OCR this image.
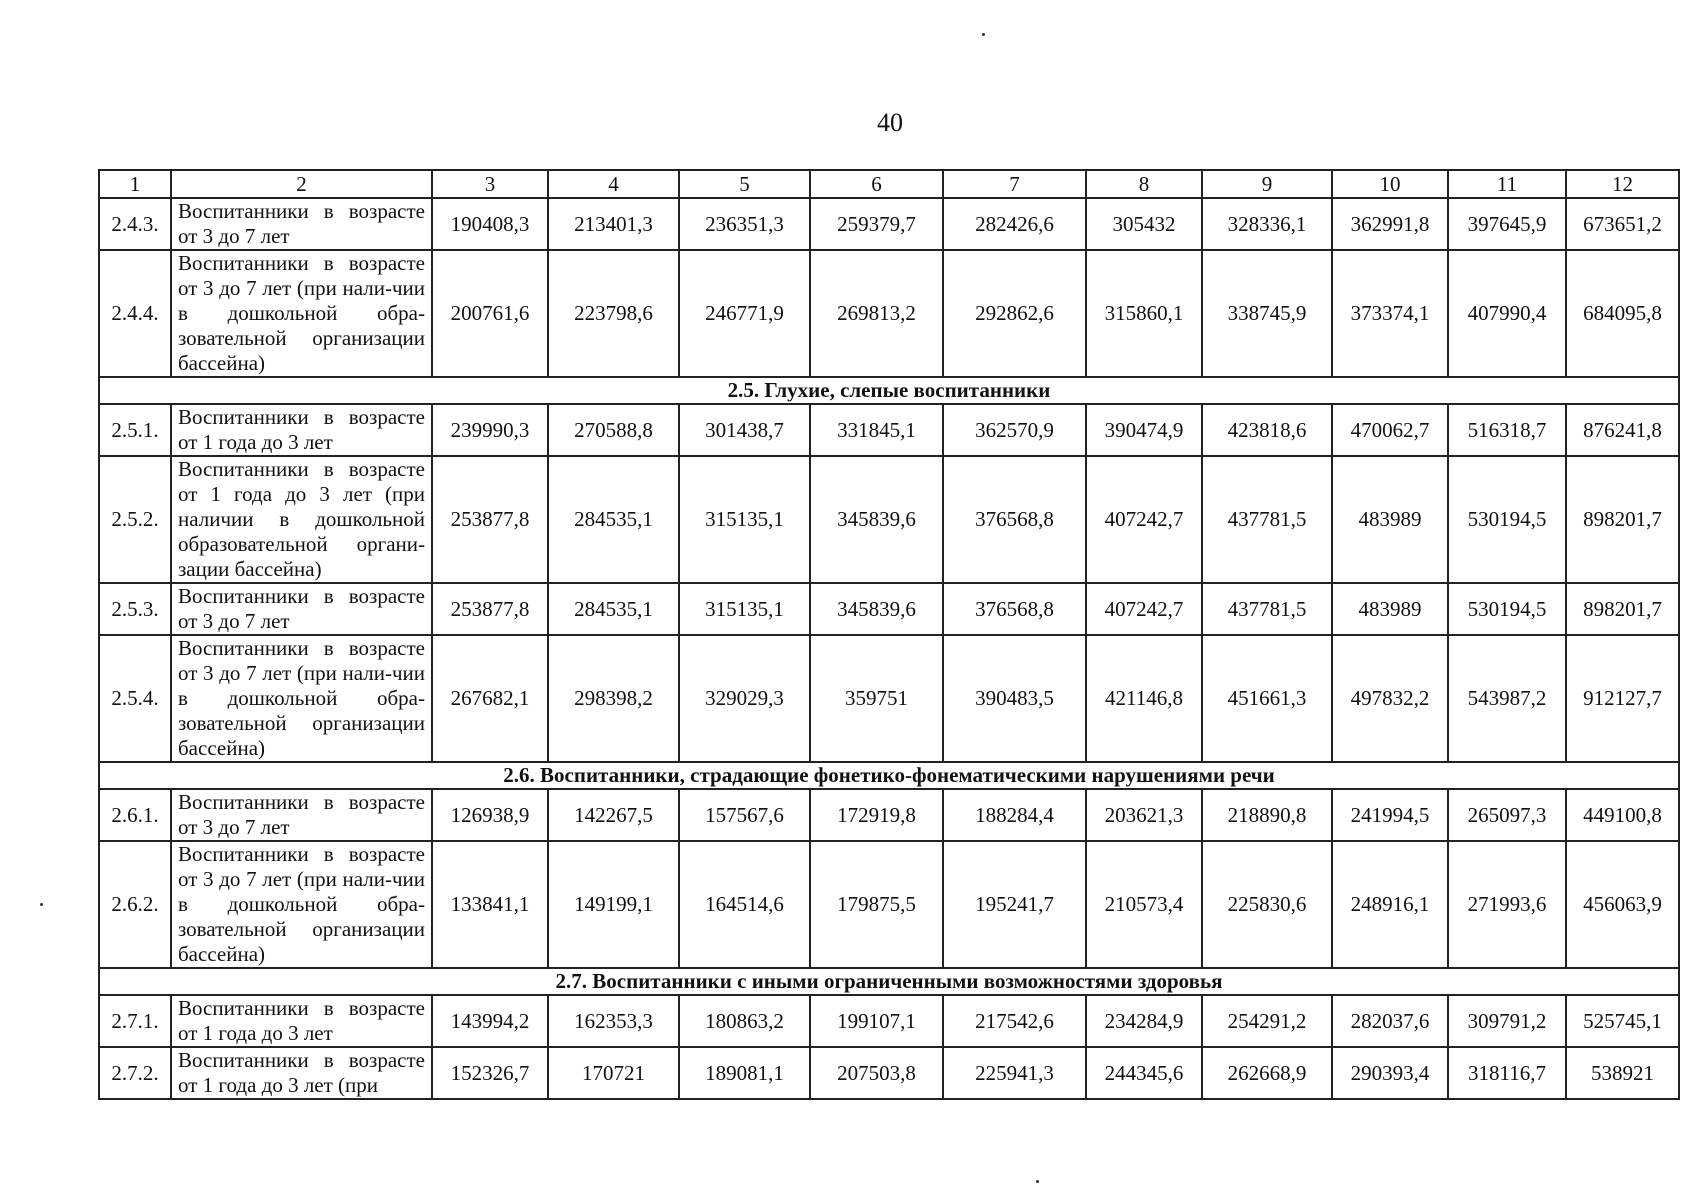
40
1	2	3	4	5	6	7	8	9	10	11	12
2.4.3.	Воспитанники в возрасте от 3 до 7 лет	190408,3	213401,3	236351,3	259379,7	282426,6	305432	328336,1	362991,8	397645,9	673651,2
2.4.4.	Воспитанники в возрасте от 3 до 7 лет (при нали-чии в дошкольной обра-зовательной организации бассейна)	200761,6	223798,6	246771,9	269813,2	292862,6	315860,1	338745,9	373374,1	407990,4	684095,8
2.5. Глухие, слепые воспитанники											
2.5.1.	Воспитанники в возрасте от 1 года до 3 лет	239990,3	270588,8	301438,7	331845,1	362570,9	390474,9	423818,6	470062,7	516318,7	876241,8
2.5.2.	Воспитанники в возрасте от 1 года до 3 лет (при наличии в дошкольной образовательной органи-зации бассейна)	253877,8	284535,1	315135,1	345839,6	376568,8	407242,7	437781,5	483989	530194,5	898201,7
2.5.3.	Воспитанники в возрасте от 3 до 7 лет	253877,8	284535,1	315135,1	345839,6	376568,8	407242,7	437781,5	483989	530194,5	898201,7
2.5.4.	Воспитанники в возрасте от 3 до 7 лет (при нали-чии в дошкольной обра-зовательной организации бассейна)	267682,1	298398,2	329029,3	359751	390483,5	421146,8	451661,3	497832,2	543987,2	912127,7
2.6. Воспитанники, страдающие фонетико-фонематическими нарушениями речи											
2.6.1.	Воспитанники в возрасте от 3 до 7 лет	126938,9	142267,5	157567,6	172919,8	188284,4	203621,3	218890,8	241994,5	265097,3	449100,8
2.6.2.	Воспитанники в возрасте от 3 до 7 лет (при нали-чии в дошкольной обра-зовательной организации бассейна)	133841,1	149199,1	164514,6	179875,5	195241,7	210573,4	225830,6	248916,1	271993,6	456063,9
2.7. Воспитанники с иными ограниченными возможностями здоровья											
2.7.1.	Воспитанники в возрасте от 1 года до 3 лет	143994,2	162353,3	180863,2	199107,1	217542,6	234284,9	254291,2	282037,6	309791,2	525745,1
2.7.2.	Воспитанники в возрасте от 1 года до 3 лет (при	152326,7	170721	189081,1	207503,8	225941,3	244345,6	262668,9	290393,4	318116,7	538921
